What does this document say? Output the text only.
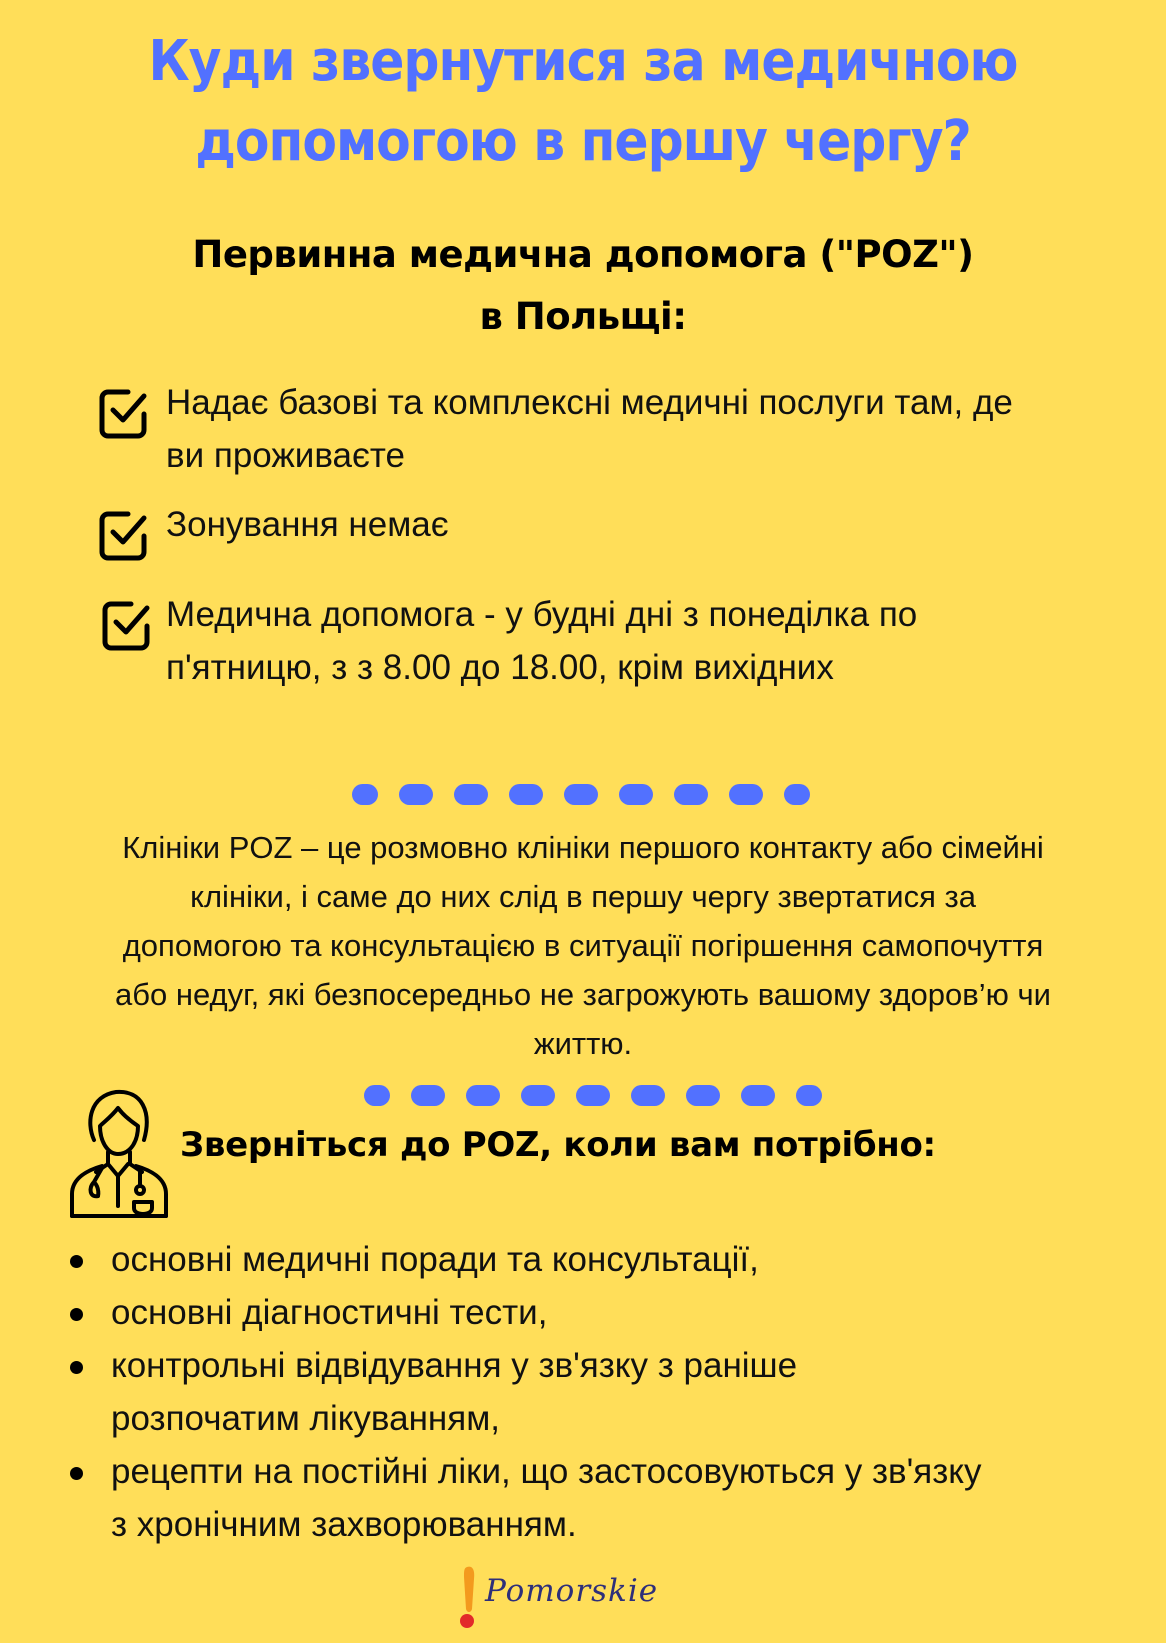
Куди звернутися за медичною
допомогою в першу чергу?
Первинна медична допомога ("POZ")
в Польщі:
Надає базові та комплексні медичні послуги там, де
ви проживаєте
Зонування немає
Медична допомога - у будні дні з понеділка по
п'ятницю, з з 8.00 до 18.00, крім вихідних
Клініки POZ – це розмовно клініки першого контакту або сімейні
клініки, і саме до них слід в першу чергу звертатися за
допомогою та консультацією в ситуації погіршення самопочуття
або недуг, які безпосередньо не загрожують вашому здоров’ю чи
життю.
Зверніться до POZ, коли вам потрібно:
основні медичні поради та консультації,
основні діагностичні тести,
контрольні відвідування у зв'язку з раніше
розпочатим лікуванням,
рецепти на постійні ліки, що застосовуються у зв'язку
з хронічним захворюванням.
Pomorskie
